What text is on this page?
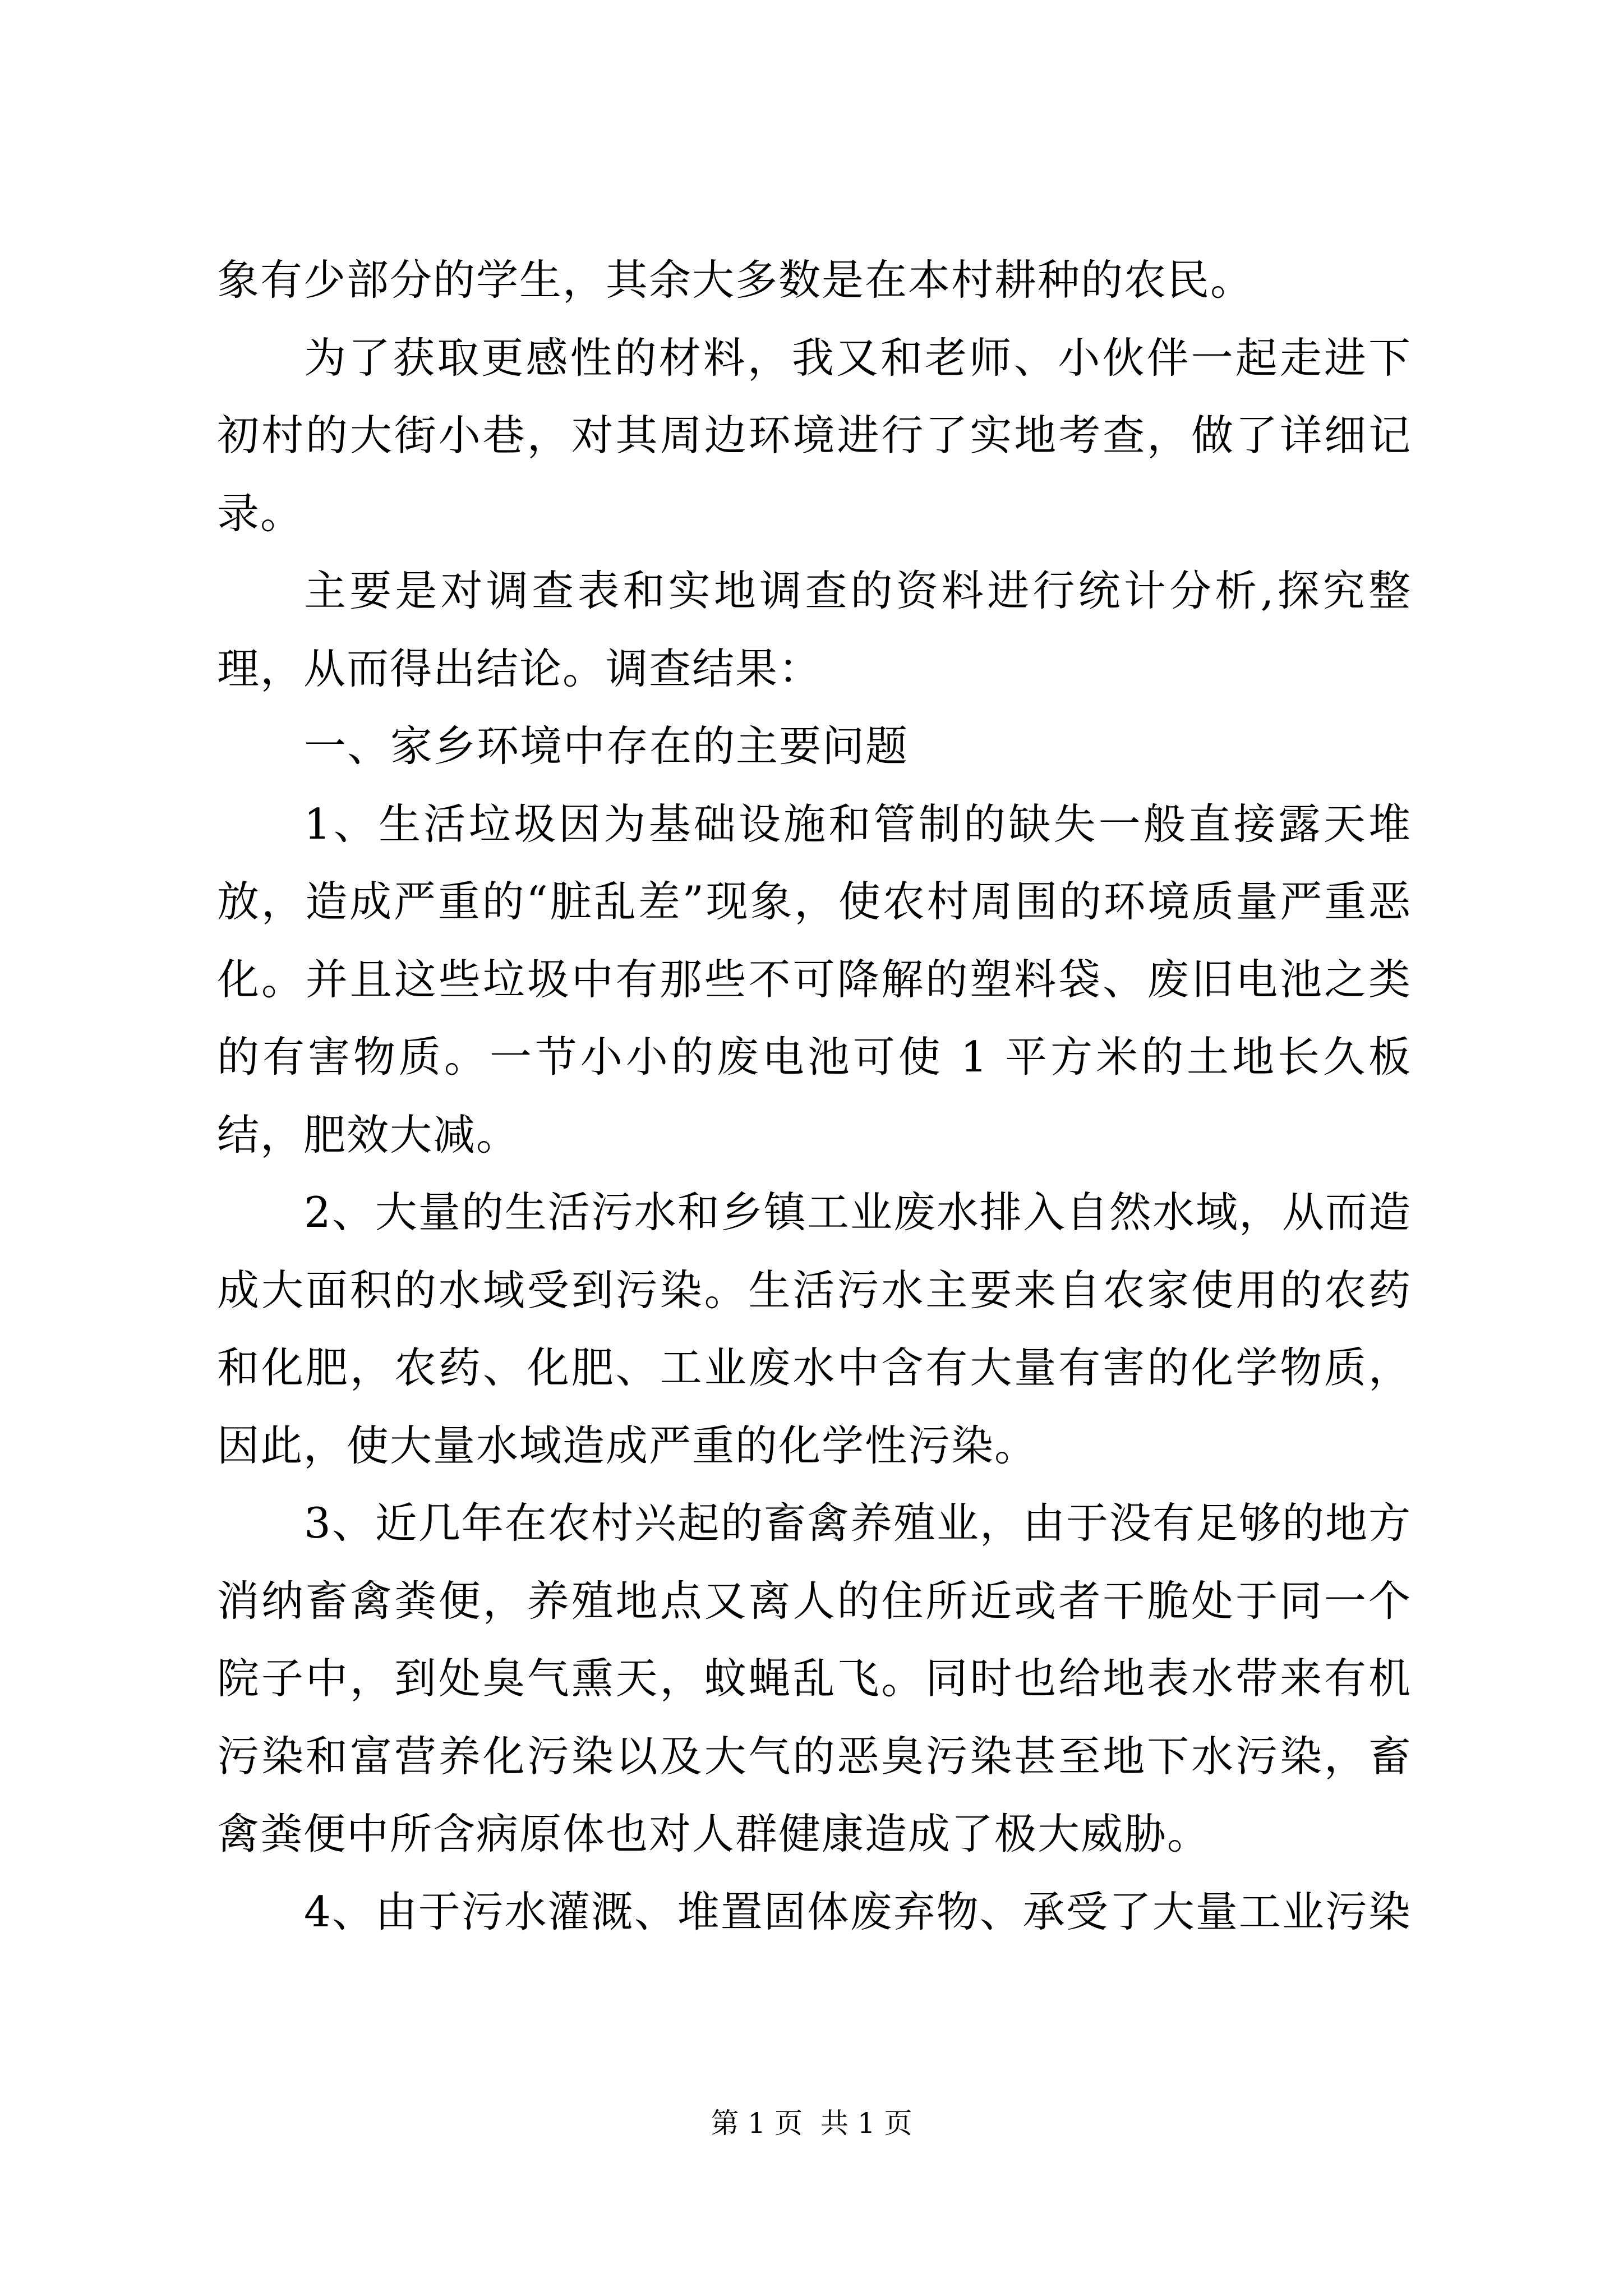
象有少部分的学生，其余大多数是在本村耕种的农民。

为了获取更感性的材料，我又和老师、小伙伴一起走进下初村的大街小巷，对其周边环境进行了实地考查，做了详细记录。

主要是对调查表和实地调查的资料进行统计分析,探究整理，从而得出结论。调查结果：

一、家乡环境中存在的主要问题

1、生活垃圾因为基础设施和管制的缺失一般直接露天堆放，造成严重的“脏乱差”现象，使农村周围的环境质量严重恶化。并且这些垃圾中有那些不可降解的塑料袋、废旧电池之类的有害物质。一节小小的废电池可使 1 平方米的土地长久板结，肥效大减。

2、大量的生活污水和乡镇工业废水排入自然水域，从而造成大面积的水域受到污染。生活污水主要来自农家使用的农药和化肥，农药、化肥、工业废水中含有大量有害的化学物质，因此，使大量水域造成严重的化学性污染。

3、近几年在农村兴起的畜禽养殖业，由于没有足够的地方消纳畜禽粪便，养殖地点又离人的住所近或者干脆处于同一个院子中，到处臭气熏天，蚊蝇乱飞。同时也给地表水带来有机污染和富营养化污染以及大气的恶臭污染甚至地下水污染，畜禽粪便中所含病原体也对人群健康造成了极大威胁。

4、由于污水灌溉、堆置固体废弃物、承受了大量工业污染

第 1 页  共 1 页
